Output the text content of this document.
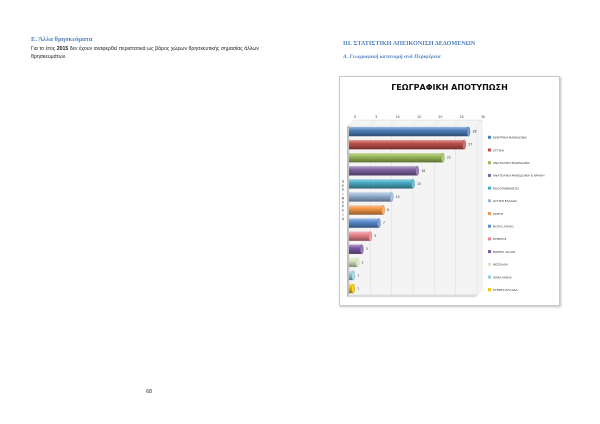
Ε. Άλλα θρησκεύματα
Για το έτος 2015 δεν έχουν αναφερθεί περιστατικά ως βάρος χώρων θρησκευτικής σημασίας άλλων θρησκευμάτων.
68
ΙΙΙ. ΣΤΑΤΙΣΤΙΚΗ ΑΠΕΙΚΟΝΙΣΗ ΔΕΔΟΜΕΝΩΝ
Α. Γεωγραφική κατανομή ανά Περιφέρεια
ΓΕΩΓΡΑΦΙΚΗ ΑΠΟΤΥΠΩΣΗ
0	5	10	15	20	25	30
Π
Ε
Ρ
Ι
Φ
Ε
Ρ
Ε
Ι
Α
28
27
22
16
15
10
8
7
5
3
2
1
1
ΚΕΝΤΡΙΚΗ ΜΑΚΕΔΟΝΙΑ
ΑΤΤΙΚΗ
ΑΝΑΤΟΛΙΚΗ ΜΑΚΕΔΟΝΙΑ
ΑΝΑΤΟΛΙΚΗ ΜΑΚΕΔΟΝΙΑ & ΘΡΑΚΗ
ΠΕΛΟΠΟΝΝΗΣΟΣ
ΔΥΤΙΚΗ ΕΛΛΑΔΑ
ΚΡΗΤΗ
ΝΟΤΙΟ ΑΙΓΑΙΟ
ΗΠΕΙΡΟΣ
ΒΟΡΕΙΟ ΑΙΓΑΙΟ
ΘΕΣΣΑΛΙΑ
ΙΟΝΙΑ ΝΗΣΙΑ
ΣΤΕΡΕΑ ΕΛΛΑΔΑ
